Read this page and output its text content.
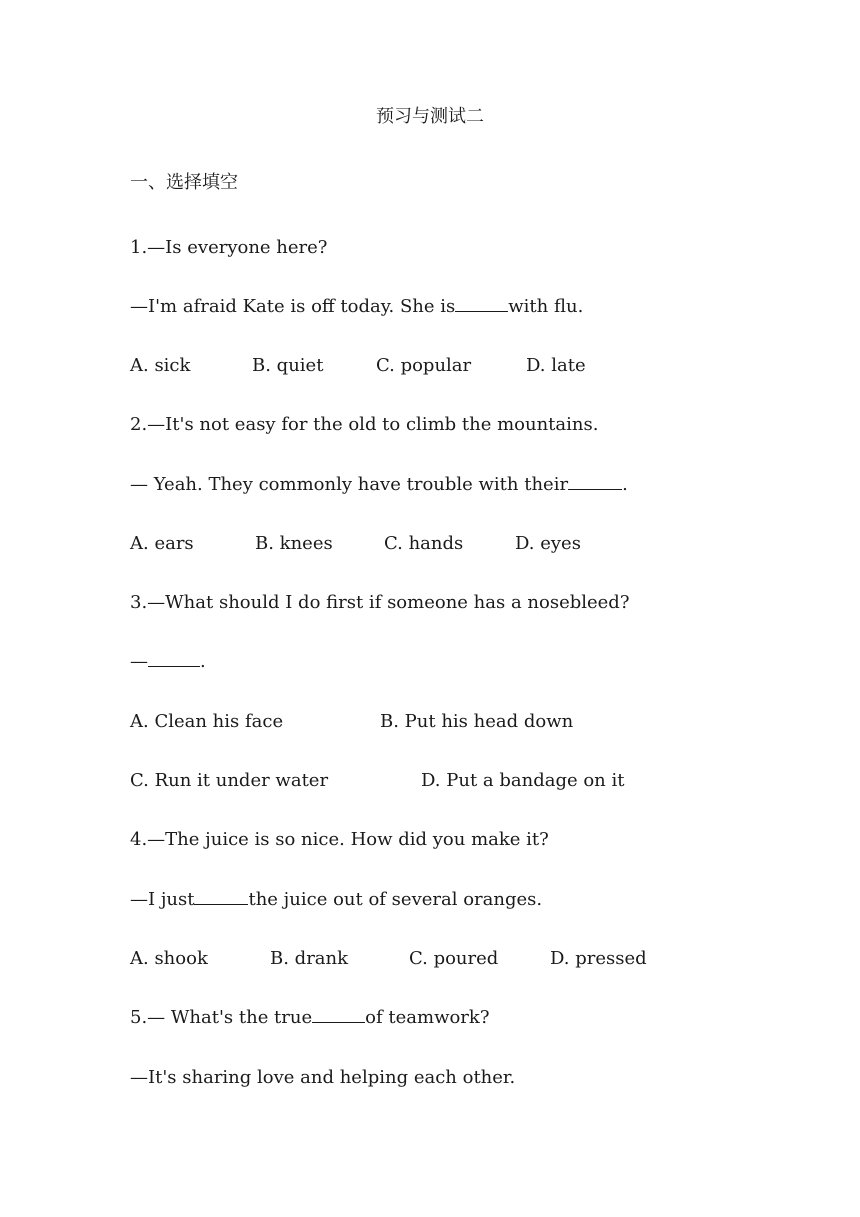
预习与测试二
一、选择填空
1.—Is everyone here?
—I'm afraid Kate is off today. She is	with flu.
A. sick	B. quiet	C. popular	D. late
2.—It's not easy for the old to climb the mountains.
— Yeah. They commonly have trouble with their	.
A. ears	B. knees	C. hands	D. eyes
3.—What should I do first if someone has a nosebleed?
—	.
A. Clean his face	B. Put his head down
C. Run it under water	D. Put a bandage on it
4.—The juice is so nice. How did you make it?
—I just	the juice out of several oranges.
A. shook	B. drank	C. poured	D. pressed
5.— What's the true	of teamwork?
—It's sharing love and helping each other.
